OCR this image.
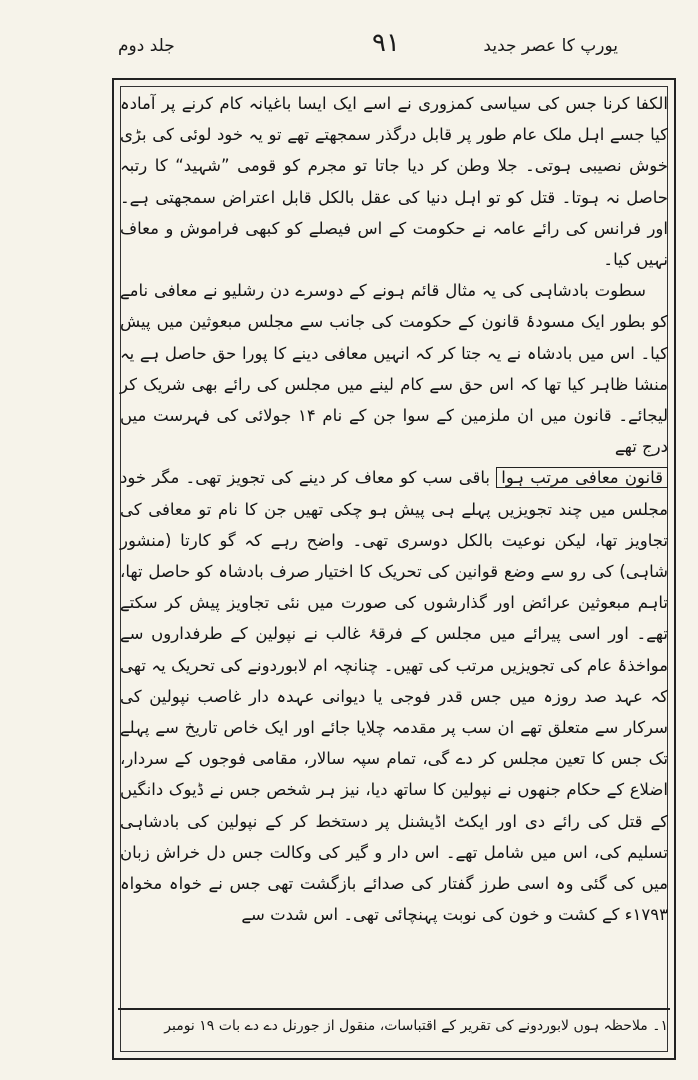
جلد دوم	۹۱	یورپ کا عصر جدید

الکفا کرنا جس کی سیاسی کمزوری نے اسے ایک ایسا باغیانہ کام کرنے پر آمادہ کیا جسے اہل ملک عام طور پر قابل درگذر سمجھتے تھے تو یہ خود لوئی کی بڑی خوش نصیبی ہوتی۔ جلا وطن کر دیا جاتا تو مجرم کو قومی ”شہید“ کا رتبہ حاصل نہ ہوتا۔ قتل کو تو اہل دنیا کی عقل بالکل قابل اعتراض سمجھتی ہے۔ اور فرانس کی رائے عامہ نے حکومت کے اس فیصلے کو کبھی فراموش و معاف نہیں کیا۔

سطوت بادشاہی کی یہ مثال قائم ہونے کے دوسرے دن رشلیو نے معافی نامے کو بطور ایک مسودۂ قانون کے حکومت کی جانب سے مجلس مبعوثین میں پیش کیا۔ اس میں بادشاہ نے یہ جتا کر کہ انہیں معافی دینے کا پورا حق حاصل ہے یہ منشا ظاہر کیا تھا کہ اس حق سے کام لینے میں مجلس کی رائے بھی شریک کر لیجائے۔ قانون میں ان ملزمین کے سوا جن کے نام ۱۴ جولائی کی فہرست میں درج تھے

قانون معافی مرتب ہوا باقی سب کو معاف کر دینے کی تجویز تھی۔ مگر خود مجلس میں چند تجویزیں پہلے ہی پیش ہو چکی تھیں جن کا نام تو معافی کی تجاویز تھا، لیکن نوعیت بالکل دوسری تھی۔ واضح رہے کہ گو کارتا (منشور شاہی) کی رو سے وضع قوانین کی تحریک کا اختیار صرف بادشاہ کو حاصل تھا، تاہم مبعوثین عرائض اور گذارشوں کی صورت میں نئی تجاویز پیش کر سکتے تھے۔ اور اسی پیرائے میں مجلس کے فرقۂ غالب نے نپولین کے طرفداروں سے مواخذۂ عام کی تجویزیں مرتب کی تھیں۔ چنانچہ ام لابوردونے کی تحریک یہ تھی کہ عہد صد روزہ میں جس قدر فوجی یا دیوانی عہدہ دار غاصب نپولین کی سرکار سے متعلق تھے ان سب پر مقدمہ چلایا جائے اور ایک خاص تاریخ سے پہلے تک جس کا تعین مجلس کر دے گی، تمام سپہ سالار، مقامی فوجوں کے سردار، اضلاع کے حکام جنھوں نے نپولین کا ساتھ دیا، نیز ہر شخص جس نے ڈیوک دانگیں کے قتل کی رائے دی اور ایکٹ اڈیشنل پر دستخط کر کے نپولین کی بادشاہی تسلیم کی، اس میں شامل تھے۔ اس دار و گیر کی وکالت جس دل خراش زبان میں کی گئی وہ اسی طرز گفتار کی صدائے بازگشت تھی جس نے خواہ مخواہ ۱۷۹۳ء کے کشت و خون کی نوبت پہنچائی تھی۔ اس شدت سے

۱۔ ملاحظہ ہوں لابوردونے کی تقریر کے اقتباسات، منقول از جورنل دے دے بات ۱۹ نومبر
